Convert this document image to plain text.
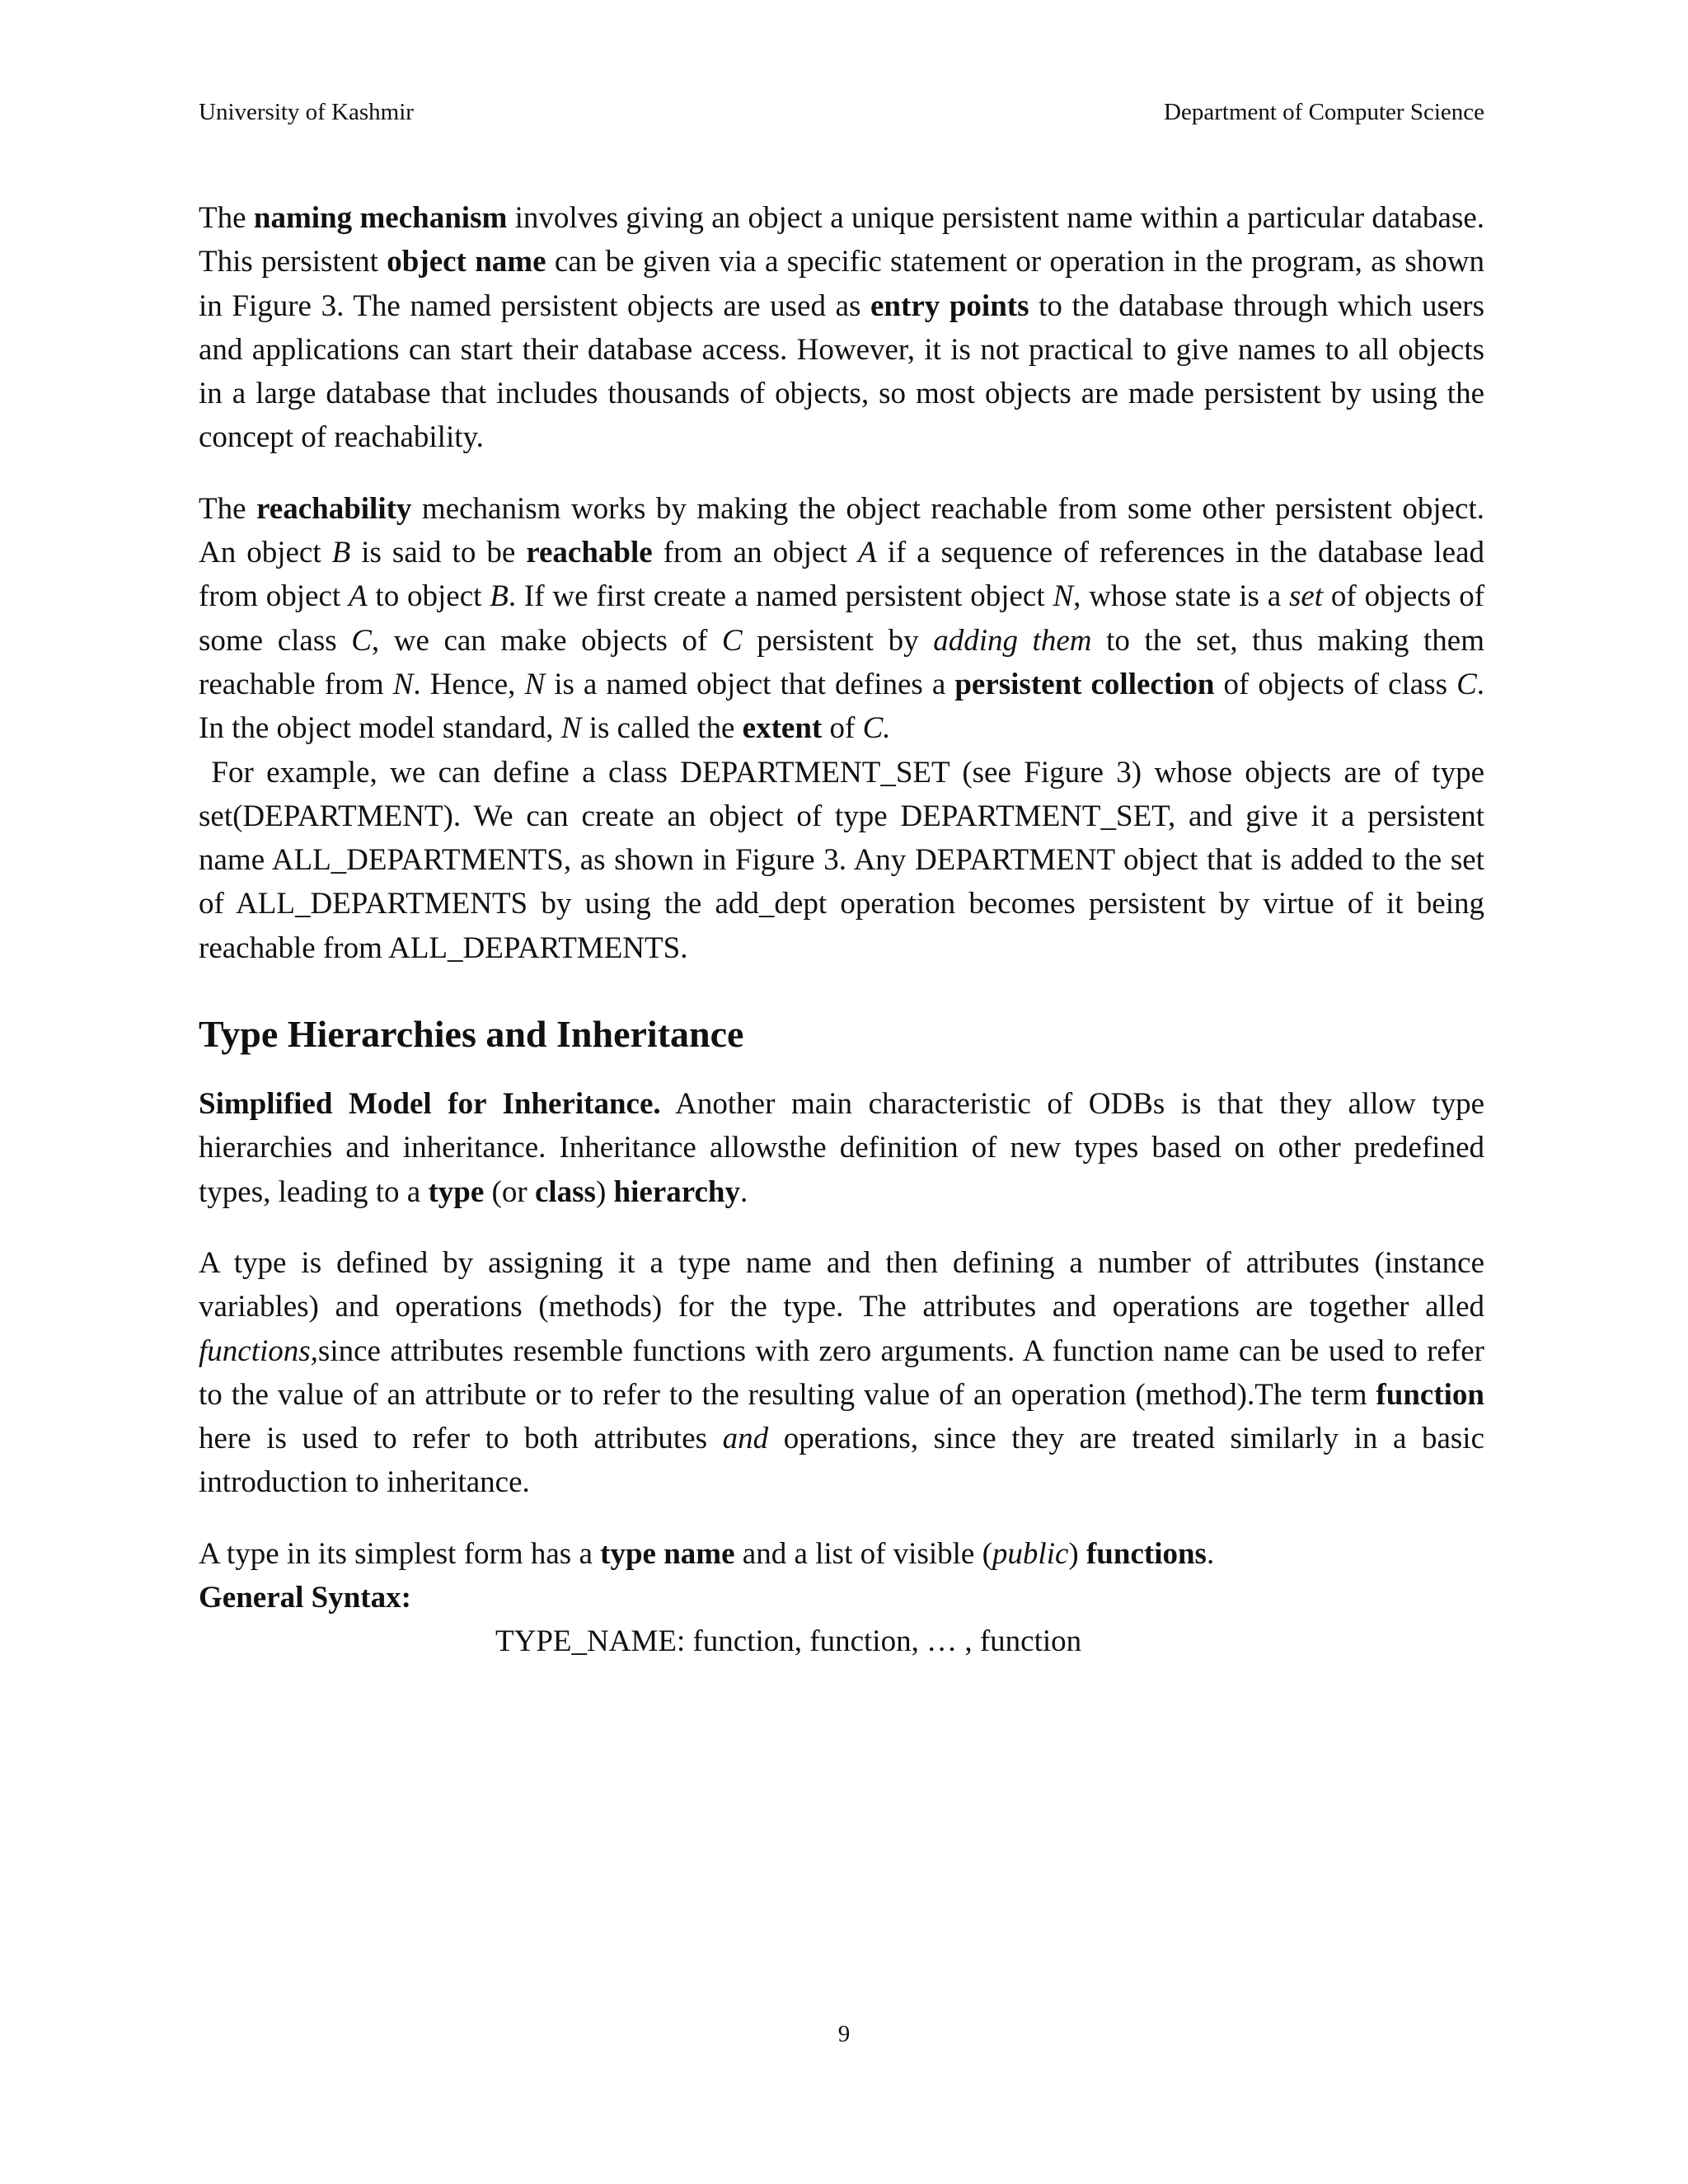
University of Kashmir	Department of Computer Science

The naming mechanism involves giving an object a unique persistent name within a particular database. This persistent object name can be given via a specific statement or operation in the program, as shown in Figure 3. The named persistent objects are used as entry points to the database through which users and applications can start their database access. However, it is not practical to give names to all objects in a large database that includes thousands of objects, so most objects are made persistent by using the concept of reachability.

The reachability mechanism works by making the object reachable from some other persistent object. An object B is said to be reachable from an object A if a sequence of references in the database lead from object A to object B. If we first create a named persistent object N, whose state is a set of objects of some class C, we can make objects of C persistent by adding them to the set, thus making them reachable from N. Hence, N is a named object that defines a persistent collection of objects of class C. In the object model standard, N is called the extent of C.
For example, we can define a class DEPARTMENT_SET (see Figure 3) whose objects are of type set(DEPARTMENT). We can create an object of type DEPARTMENT_SET, and give it a persistent name ALL_DEPARTMENTS, as shown in Figure 3. Any DEPARTMENT object that is added to the set of ALL_DEPARTMENTS by using the add_dept operation becomes persistent by virtue of it being reachable from ALL_DEPARTMENTS.

Type Hierarchies and Inheritance

Simplified Model for Inheritance. Another main characteristic of ODBs is that they allow type hierarchies and inheritance. Inheritance allowsthe definition of new types based on other predefined types, leading to a type (or class) hierarchy.

A type is defined by assigning it a type name and then defining a number of attributes (instance variables) and operations (methods) for the type. The attributes and operations are together alled functions,since attributes resemble functions with zero arguments. A function name can be used to refer to the value of an attribute or to refer to the resulting value of an operation (method).The term function here is used to refer to both attributes and operations, since they are treated similarly in a basic introduction to inheritance.

A type in its simplest form has a type name and a list of visible (public) functions.

General Syntax:

TYPE_NAME: function, function, … , function

9
